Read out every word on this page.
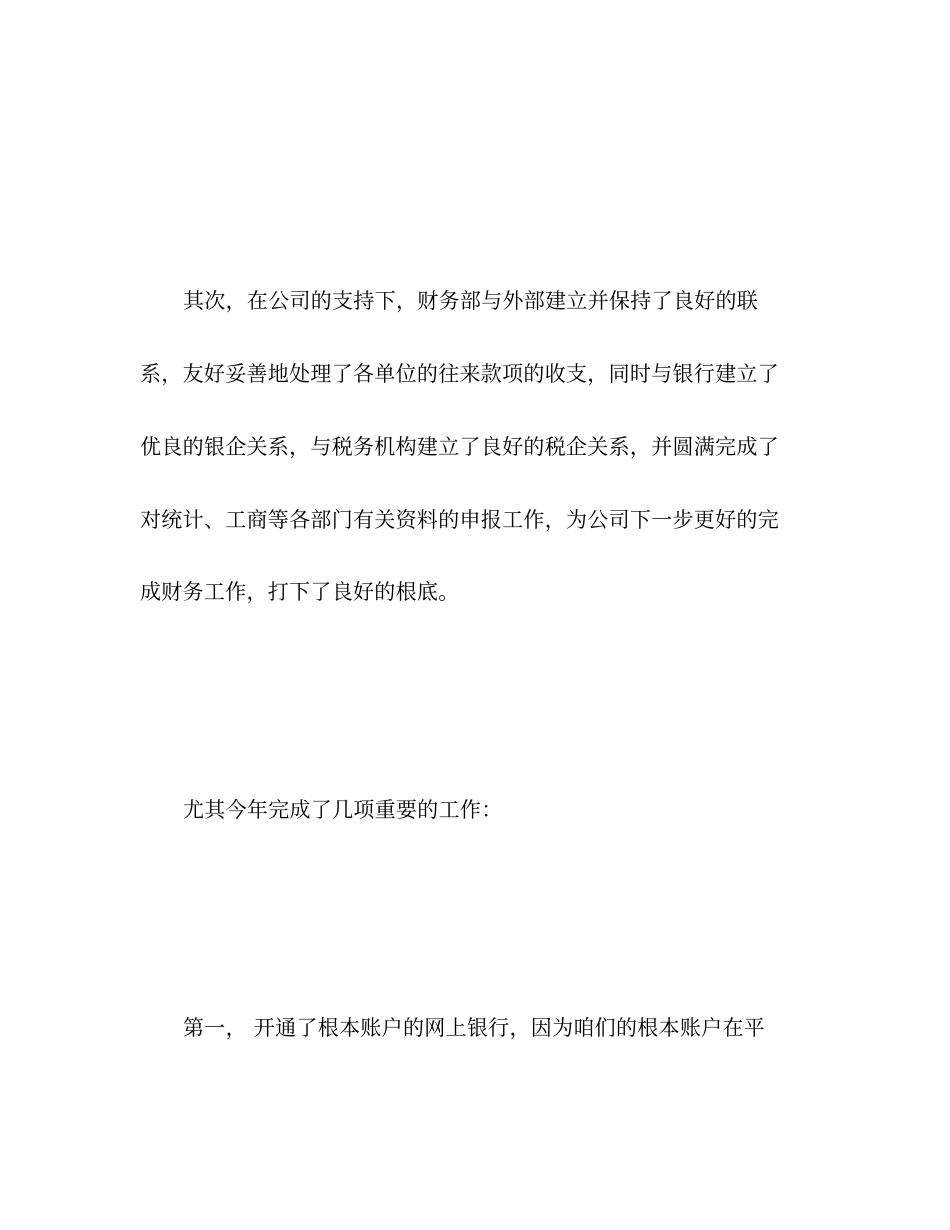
其次，在公司的支持下，财务部与外部建立并保持了良好的联
系，友好妥善地处理了各单位的往来款项的收支，同时与银行建立了
优良的银企关系，与税务机构建立了良好的税企关系，并圆满完成了
对统计、工商等各部门有关资料的申报工作，为公司下一步更好的完
成财务工作，打下了良好的根底。
尤其今年完成了几项重要的工作：
第一， 开通了根本账户的网上银行，因为咱们的根本账户在平
